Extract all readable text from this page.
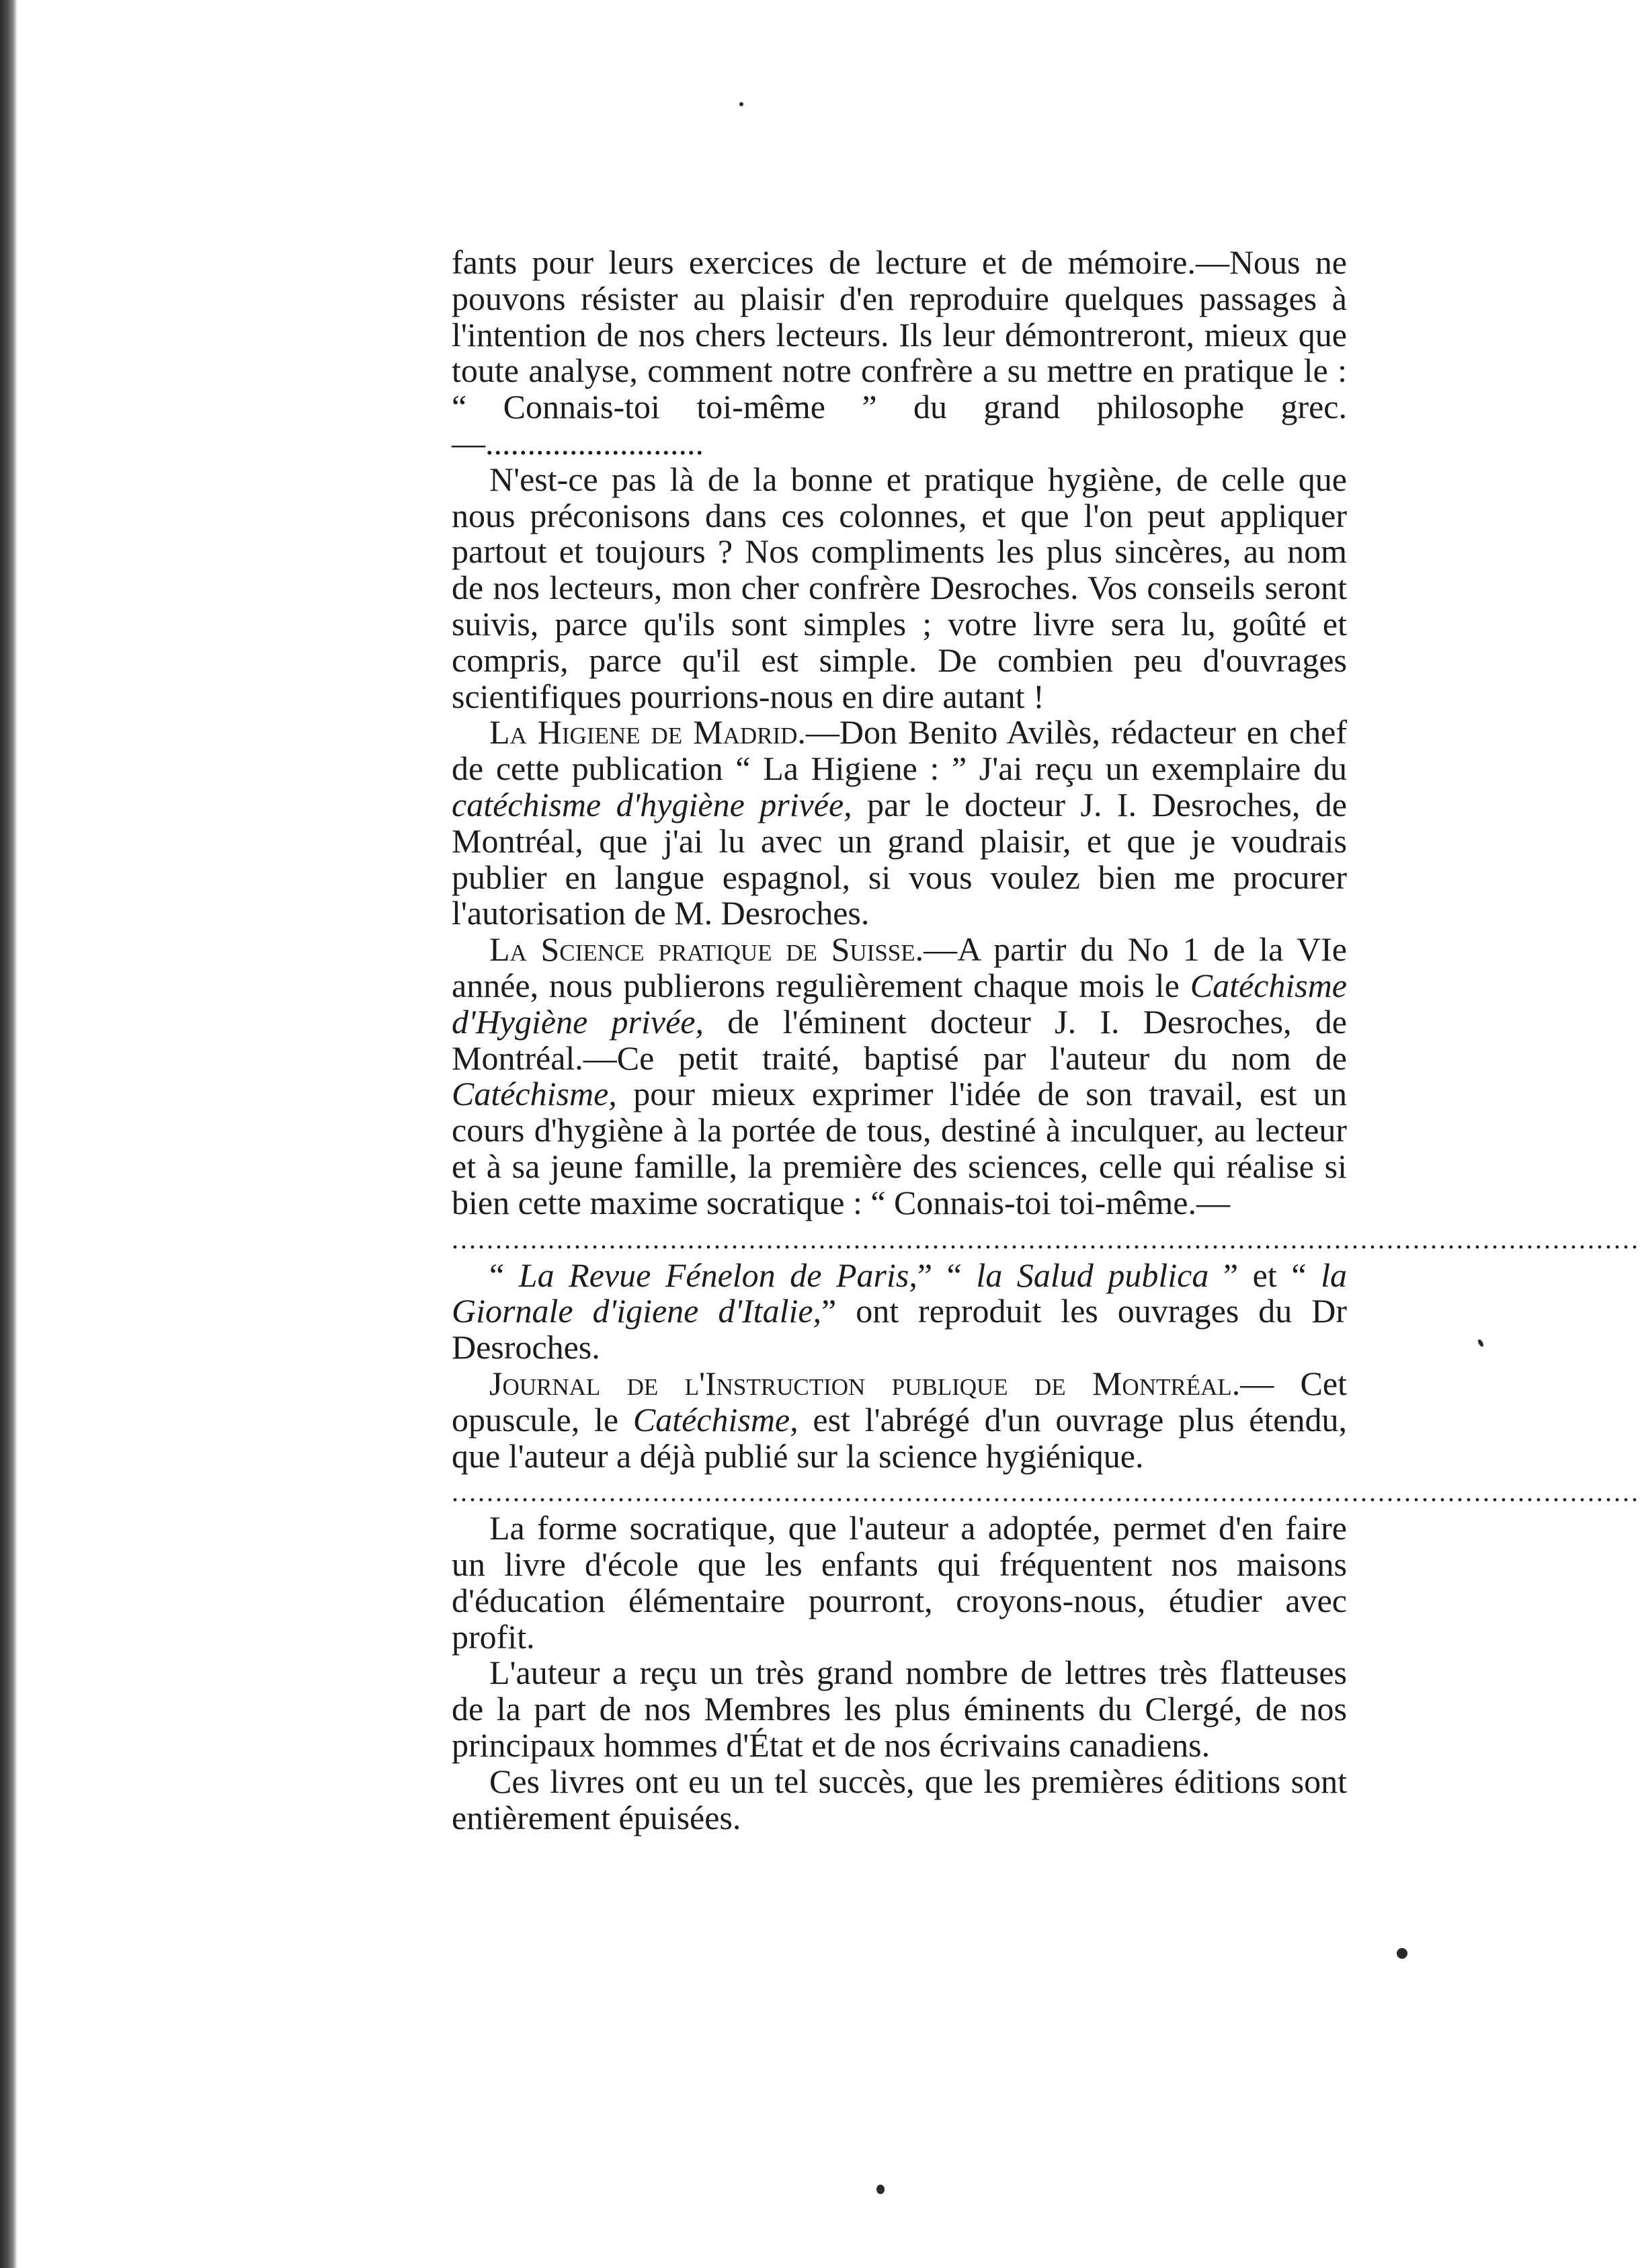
fants pour leurs exercices de lecture et de mémoire.—Nous ne pouvons résister au plaisir d'en reproduire quelques passages à l'intention de nos chers lecteurs. Ils leur démontreront, mieux que toute analyse, comment notre confrère a su mettre en pratique le : “ Connais-toi toi-même ” du grand philosophe grec.—..........................

N'est-ce pas là de la bonne et pratique hygiène, de celle que nous préconisons dans ces colonnes, et que l'on peut appliquer partout et toujours ? Nos compliments les plus sincères, au nom de nos lecteurs, mon cher confrère Desroches. Vos conseils seront suivis, parce qu'ils sont simples ; votre livre sera lu, goûté et compris, parce qu'il est simple. De combien peu d'ouvrages scientifiques pourrions-nous en dire autant !

La Higiene de Madrid.—Don Benito Avilès, rédacteur en chef de cette publication “ La Higiene : ” J'ai reçu un exemplaire du catéchisme d'hygiène privée, par le docteur J. I. Desroches, de Montréal, que j'ai lu avec un grand plaisir, et que je voudrais publier en langue espagnol, si vous voulez bien me procurer l'autorisation de M. Desroches.

La Science pratique de Suisse.—A partir du No 1 de la VIe année, nous publierons regulièrement chaque mois le Catéchisme d'Hygiène privée, de l'éminent docteur J. I. Desroches, de Montréal.—Ce petit traité, baptisé par l'auteur du nom de Catéchisme, pour mieux exprimer l'idée de son travail, est un cours d'hygiène à la portée de tous, destiné à inculquer, au lecteur et à sa jeune famille, la première des sciences, celle qui réalise si bien cette maxime socratique : “ Connais-toi toi-même.—

........................................................................................................................................

“ La Revue Fénelon de Paris,” “ la Salud publica ” et “ la Giornale d'igiene d'Italie,” ont reproduit les ouvrages du Dr Desroches.

Journal de l'Instruction publique de Montréal.— Cet opuscule, le Catéchisme, est l'abrégé d'un ouvrage plus étendu, que l'auteur a déjà publié sur la science hygiénique.

........................................................................................................................................

La forme socratique, que l'auteur a adoptée, permet d'en faire un livre d'école que les enfants qui fréquentent nos maisons d'éducation élémentaire pourront, croyons-nous, étudier avec profit.

L'auteur a reçu un très grand nombre de lettres très flatteuses de la part de nos Membres les plus éminents du Clergé, de nos principaux hommes d'État et de nos écrivains canadiens.

Ces livres ont eu un tel succès, que les premières éditions sont entièrement épuisées.
